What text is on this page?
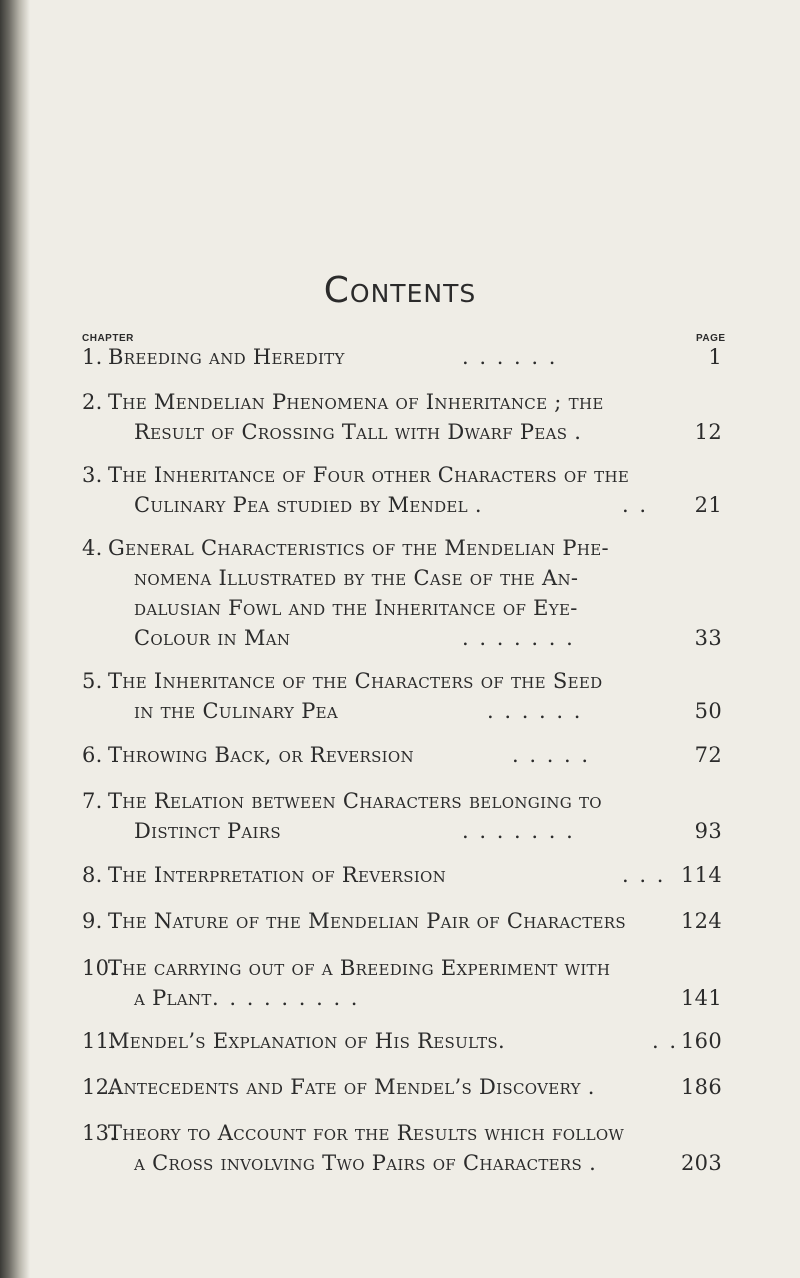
Contents
CHAPTER	PAGE
1. Breeding and Heredity	. . . . . .	1
2. The Mendelian Phenomena of Inheritance ; the
Result of Crossing Tall with Dwarf Peas .	12
3. The Inheritance of Four other Characters of the
Culinary Pea studied by Mendel .	. . 21
4. General Characteristics of the Mendelian Phe-
nomena Illustrated by the Case of the An-
dalusian Fowl and the Inheritance of Eye-
Colour in Man	. . . . . . .	33
5. The Inheritance of the Characters of the Seed
in the Culinary Pea	. . . . . .	50
6. Throwing Back, or Reversion	. . . . .	72
7. The Relation between Characters belonging to
Distinct Pairs	. . . . . . .	93
8. The Interpretation of Reversion	. . . 114
9. The Nature of the Mendelian Pair of Characters	124
10.The carrying out of a Breeding Experiment with
a Plant . . . . . . . . .	141
11.Mendel’s Explanation of His Results.	. . 160
12.Antecedents and Fate of Mendel’s Discovery .	186
13.Theory to Account for the Results which follow
a Cross involving Two Pairs of Characters .	203
